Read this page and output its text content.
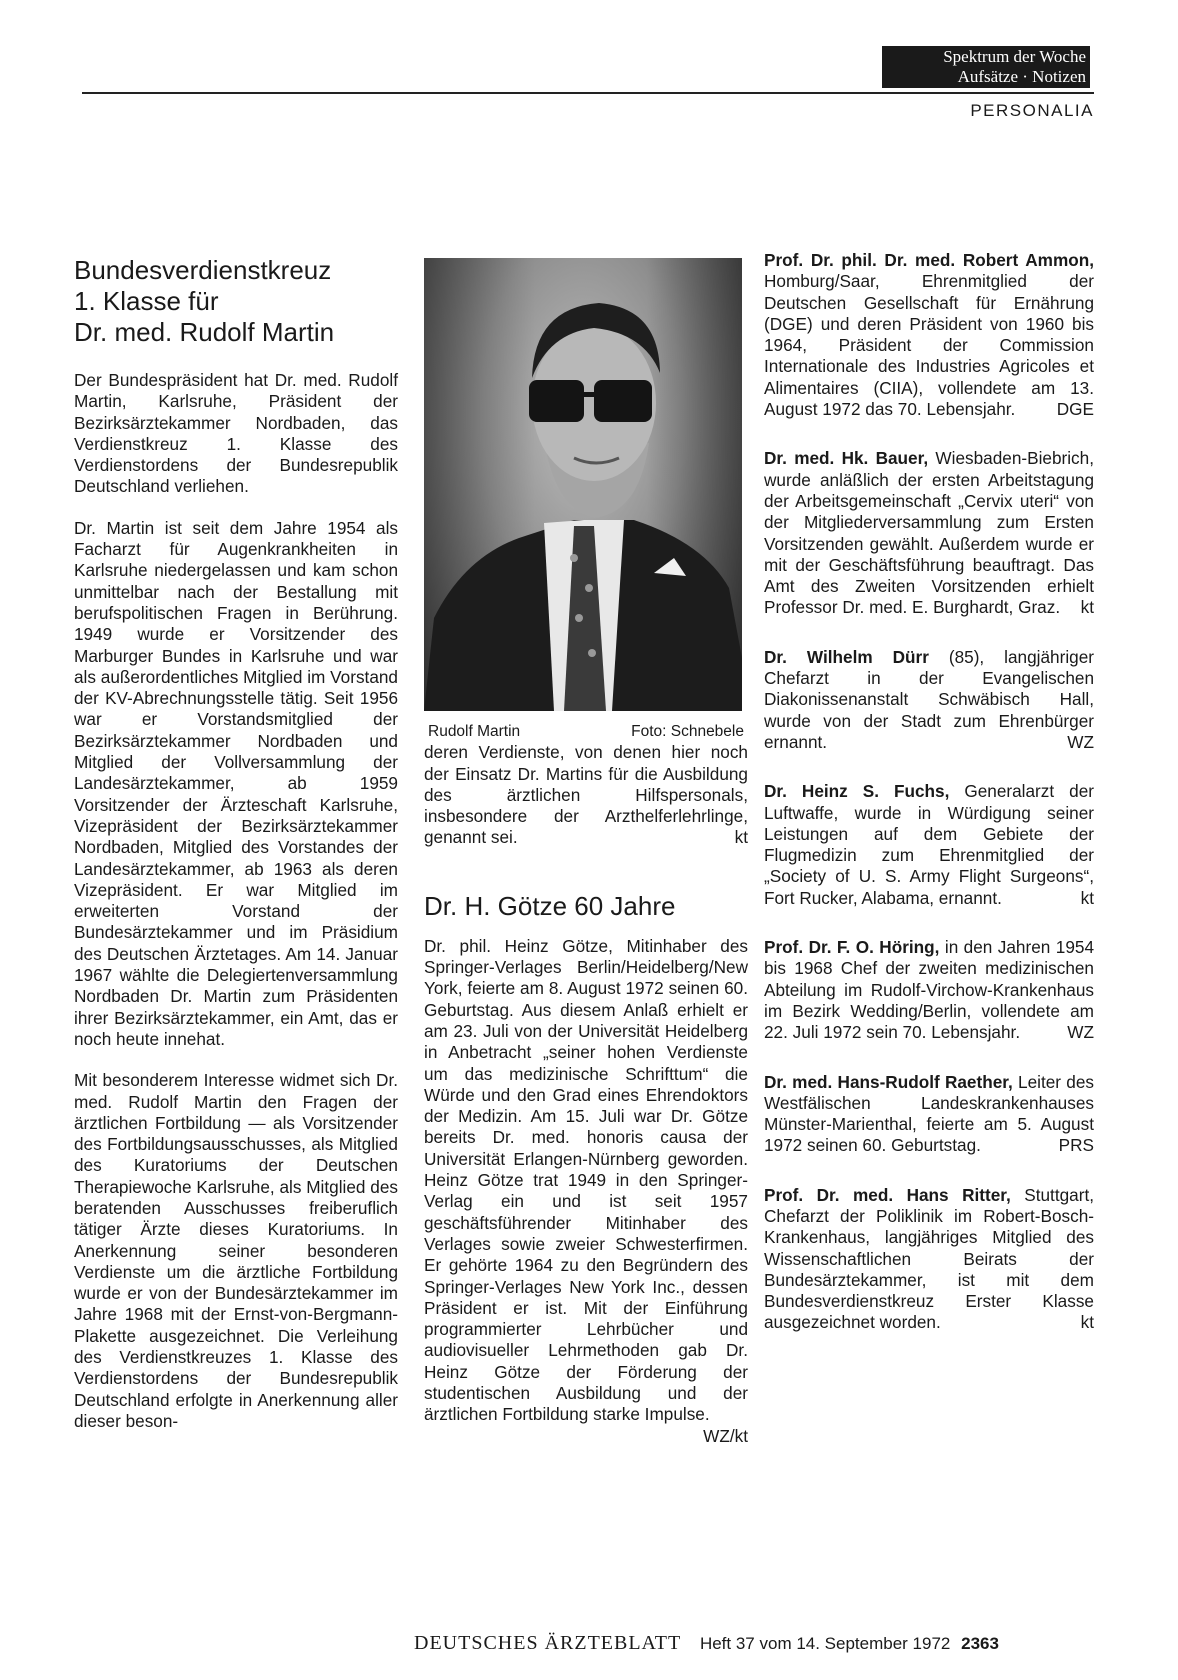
Spektrum der Woche
Aufsätze · Notizen
PERSONALIA
Bundesverdienstkreuz
1. Klasse für
Dr. med. Rudolf Martin

Der Bundespräsident hat Dr. med. Rudolf Martin, Karlsruhe, Präsident der Bezirksärztekammer Nordbaden, das Verdienstkreuz 1. Klasse des Verdienstordens der Bundesrepublik Deutschland verliehen.

Dr. Martin ist seit dem Jahre 1954 als Facharzt für Augenkrankheiten in Karlsruhe niedergelassen und kam schon unmittelbar nach der Bestallung mit berufspolitischen Fragen in Berührung. 1949 wurde er Vorsitzender des Marburger Bundes in Karlsruhe und war als außerordentliches Mitglied im Vorstand der KV-Abrechnungsstelle tätig. Seit 1956 war er Vorstandsmitglied der Bezirksärztekammer Nordbaden und Mitglied der Vollversammlung der Landesärztekammer, ab 1959 Vorsitzender der Ärzteschaft Karlsruhe, Vizepräsident der Bezirksärztekammer Nordbaden, Mitglied des Vorstandes der Landesärztekammer, ab 1963 als deren Vizepräsident. Er war Mitglied im erweiterten Vorstand der Bundesärztekammer und im Präsidium des Deutschen Ärztetages. Am 14. Januar 1967 wählte die Delegiertenversammlung Nordbaden Dr. Martin zum Präsidenten ihrer Bezirksärztekammer, ein Amt, das er noch heute innehat.

Mit besonderem Interesse widmet sich Dr. med. Rudolf Martin den Fragen der ärztlichen Fortbildung — als Vorsitzender des Fortbildungsausschusses, als Mitglied des Kuratoriums der Deutschen Therapiewoche Karlsruhe, als Mitglied des beratenden Ausschusses freiberuflich tätiger Ärzte dieses Kuratoriums. In Anerkennung seiner besonderen Verdienste um die ärztliche Fortbildung wurde er von der Bundesärztekammer im Jahre 1968 mit der Ernst-von-Bergmann-Plakette ausgezeichnet. Die Verleihung des Verdienstkreuzes 1. Klasse des Verdienstordens der Bundesrepublik Deutschland erfolgte in Anerkennung aller dieser beson-

Rudolf Martin	Foto: Schnebele

deren Verdienste, von denen hier noch der Einsatz Dr. Martins für die Ausbildung des ärztlichen Hilfspersonals, insbesondere der Arzthelferlehrlinge, genannt sei.	kt

Dr. H. Götze 60 Jahre

Dr. phil. Heinz Götze, Mitinhaber des Springer-Verlages Berlin/Heidelberg/New York, feierte am 8. August 1972 seinen 60. Geburtstag. Aus diesem Anlaß erhielt er am 23. Juli von der Universität Heidelberg in Anbetracht „seiner hohen Verdienste um das medizinische Schrifttum“ die Würde und den Grad eines Ehrendoktors der Medizin. Am 15. Juli war Dr. Götze bereits Dr. med. honoris causa der Universität Erlangen-Nürnberg geworden. Heinz Götze trat 1949 in den Springer-Verlag ein und ist seit 1957 geschäftsführender Mitinhaber des Verlages sowie zweier Schwesterfirmen. Er gehörte 1964 zu den Begründern des Springer-Verlages New York Inc., dessen Präsident er ist. Mit der Einführung programmierter Lehrbücher und audiovisueller Lehrmethoden gab Dr. Heinz Götze der Förderung der studentischen Ausbildung und der ärztlichen Fortbildung starke Impulse.
WZ/kt

Prof. Dr. phil. Dr. med. Robert Ammon, Homburg/Saar, Ehrenmitglied der Deutschen Gesellschaft für Ernährung (DGE) und deren Präsident von 1960 bis 1964, Präsident der Commission Internationale des Industries Agricoles et Alimentaires (CIIA), vollendete am 13. August 1972 das 70. Lebensjahr. DGE

Dr. med. Hk. Bauer, Wiesbaden-Biebrich, wurde anläßlich der ersten Arbeitstagung der Arbeitsgemeinschaft „Cervix uteri“ von der Mitgliederversammlung zum Ersten Vorsitzenden gewählt. Außerdem wurde er mit der Geschäftsführung beauftragt. Das Amt des Zweiten Vorsitzenden erhielt Professor Dr. med. E. Burghardt, Graz. kt

Dr. Wilhelm Dürr (85), langjähriger Chefarzt in der Evangelischen Diakonissenanstalt Schwäbisch Hall, wurde von der Stadt zum Ehrenbürger ernannt.	WZ

Dr. Heinz S. Fuchs, Generalarzt der Luftwaffe, wurde in Würdigung seiner Leistungen auf dem Gebiete der Flugmedizin zum Ehrenmitglied der „Society of U. S. Army Flight Surgeons“, Fort Rucker, Alabama, ernannt.	kt

Prof. Dr. F. O. Höring, in den Jahren 1954 bis 1968 Chef der zweiten medizinischen Abteilung im Rudolf-Virchow-Krankenhaus im Bezirk Wedding/Berlin, vollendete am 22. Juli 1972 sein 70. Lebensjahr.	WZ

Dr. med. Hans-Rudolf Raether, Leiter des Westfälischen Landeskrankenhauses Münster-Marienthal, feierte am 5. August 1972 seinen 60. Geburtstag.	PRS

Prof. Dr. med. Hans Ritter, Stuttgart, Chefarzt der Poliklinik im Robert-Bosch-Krankenhaus, langjähriges Mitglied des Wissenschaftlichen Beirats der Bundesärztekammer, ist mit dem Bundesverdienstkreuz Erster Klasse ausgezeichnet worden.	kt

DEUTSCHES ÄRZTEBLATT Heft 37 vom 14. September 1972 2363
